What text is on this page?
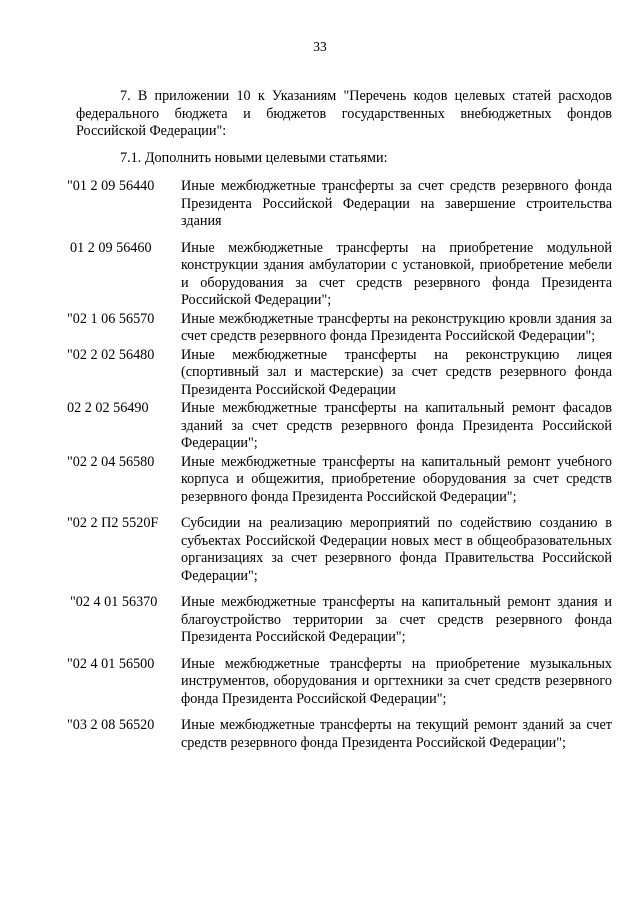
33
7. В приложении 10 к Указаниям "Перечень кодов целевых статей расходов федерального бюджета и бюджетов государственных внебюджетных фондов Российской Федерации":
7.1. Дополнить новыми целевыми статьями:
"01 2 09 56440	Иные межбюджетные трансферты за счет средств резервного фонда Президента Российской Федерации на завершение строительства здания
01 2 09 56460	Иные межбюджетные трансферты на приобретение модульной конструкции здания амбулатории с установкой, приобретение мебели и оборудования за счет средств резервного фонда Президента Российской Федерации";
"02 1 06 56570	Иные межбюджетные трансферты на реконструкцию кровли здания за счет средств резервного фонда Президента Российской Федерации";
"02 2 02 56480	Иные межбюджетные трансферты на реконструкцию лицея (спортивный зал и мастерские) за счет средств резервного фонда Президента Российской Федерации
02 2 02 56490	Иные межбюджетные трансферты на капитальный ремонт фасадов зданий за счет средств резервного фонда Президента Российской Федерации";
"02 2 04 56580	Иные межбюджетные трансферты на капитальный ремонт учебного корпуса и общежития, приобретение оборудования за счет средств резервного фонда Президента Российской Федерации";
"02 2 П2 5520F	Субсидии на реализацию мероприятий по содействию созданию в субъектах Российской Федерации новых мест в общеобразовательных организациях за счет резервного фонда Правительства Российской Федерации";
"02 4 01 56370	Иные межбюджетные трансферты на капитальный ремонт здания и благоустройство территории за счет средств резервного фонда Президента Российской Федерации";
"02 4 01 56500	Иные межбюджетные трансферты на приобретение музыкальных инструментов, оборудования и оргтехники за счет средств резервного фонда Президента Российской Федерации";
"03 2 08 56520	Иные межбюджетные трансферты на текущий ремонт зданий за счет средств резервного фонда Президента Российской Федерации";
